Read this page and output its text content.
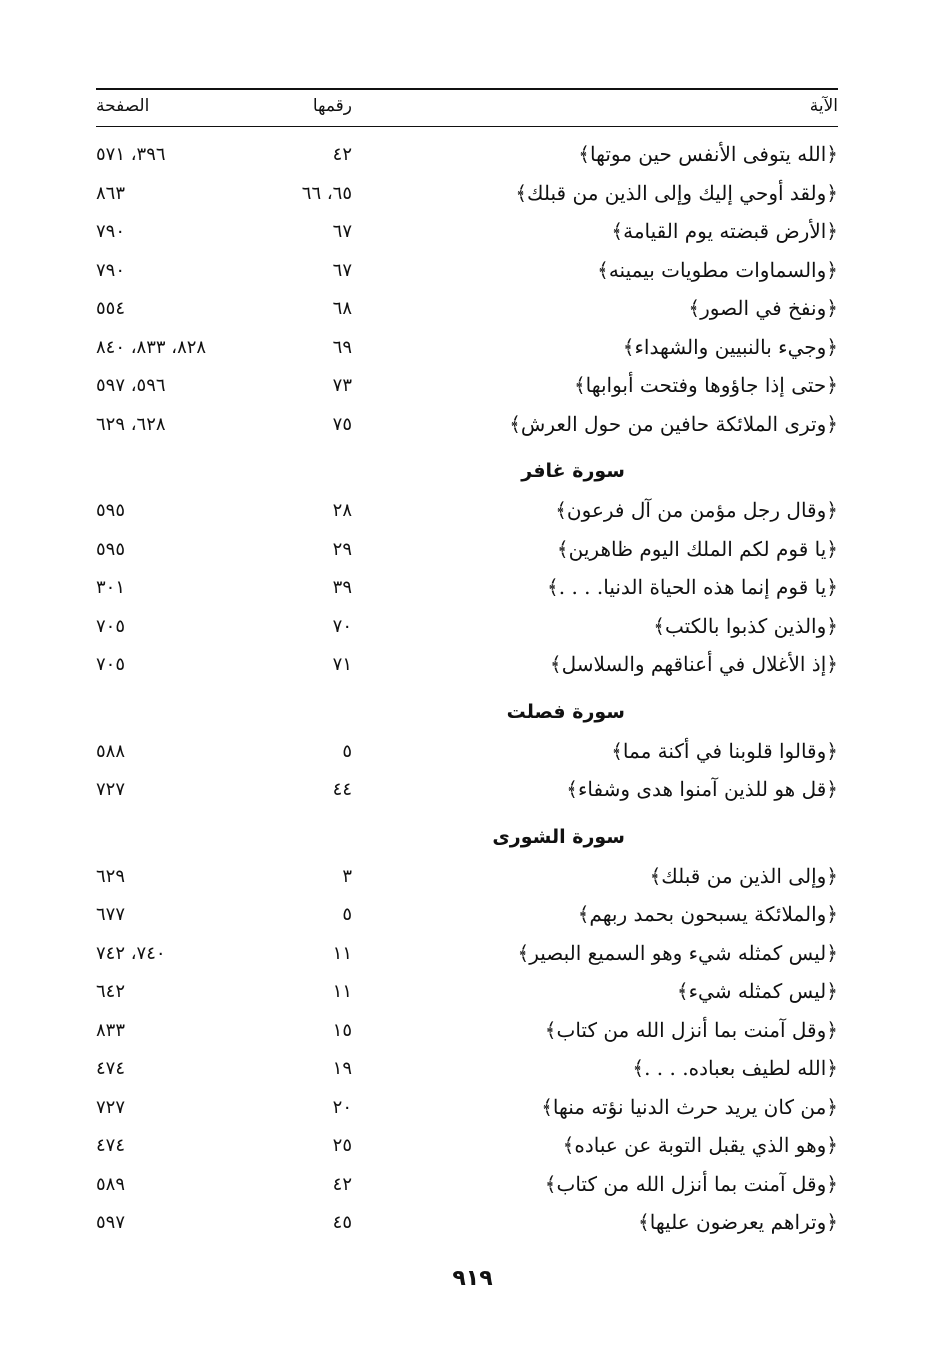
الآية
رقمها
الصفحة
﴿الله يتوفى الأنفس حين موتها﴾
٤٢
٣٩٦، ٥٧١
﴿ولقد أوحي إليك وإلى الذين من قبلك﴾
٦٥، ٦٦
٨٦٣
﴿الأرض قبضته يوم القيامة﴾
٦٧
٧٩٠
﴿والسماوات مطويات بيمينه﴾
٦٧
٧٩٠
﴿ونفخ في الصور﴾
٦٨
٥٥٤
﴿وجيء بالنبيين والشهداء﴾
٦٩
٨٢٨، ٨٣٣، ٨٤٠
﴿حتى إذا جاؤوها وفتحت أبوابها﴾
٧٣
٥٩٦، ٥٩٧
﴿وترى الملائكة حافين من حول العرش﴾
٧٥
٦٢٨، ٦٢٩
سورة غافر
﴿وقال رجل مؤمن من آل فرعون﴾
٢٨
٥٩٥
﴿يا قوم لكم الملك اليوم ظاهرين﴾
٢٩
٥٩٥
﴿يا قوم إنما هذه الحياة الدنيا. . . .﴾
٣٩
٣٠١
﴿والذين كذبوا بالكتب﴾
٧٠
٧٠٥
﴿إذ الأغلال في أعناقهم والسلاسل﴾
٧١
٧٠٥
سورة فصلت
﴿وقالوا قلوبنا في أكنة مما﴾
٥
٥٨٨
﴿قل هو للذين آمنوا هدى وشفاء﴾
٤٤
٧٢٧
سورة الشورى
﴿وإلى الذين من قبلك﴾
٣
٦٢٩
﴿والملائكة يسبحون بحمد ربهم﴾
٥
٦٧٧
﴿ليس كمثله شيء وهو السميع البصير﴾
١١
٧٤٠، ٧٤٢
﴿ليس كمثله شيء﴾
١١
٦٤٢
﴿وقل آمنت بما أنزل الله من كتاب﴾
١٥
٨٣٣
﴿الله لطيف بعباده. . . .﴾
١٩
٤٧٤
﴿من كان يريد حرث الدنيا نؤته منها﴾
٢٠
٧٢٧
﴿وهو الذي يقبل التوبة عن عباده﴾
٢٥
٤٧٤
﴿وقل آمنت بما أنزل الله من كتاب﴾
٤٢
٥٨٩
﴿وتراهم يعرضون عليها﴾
٤٥
٥٩٧
٩١٩
